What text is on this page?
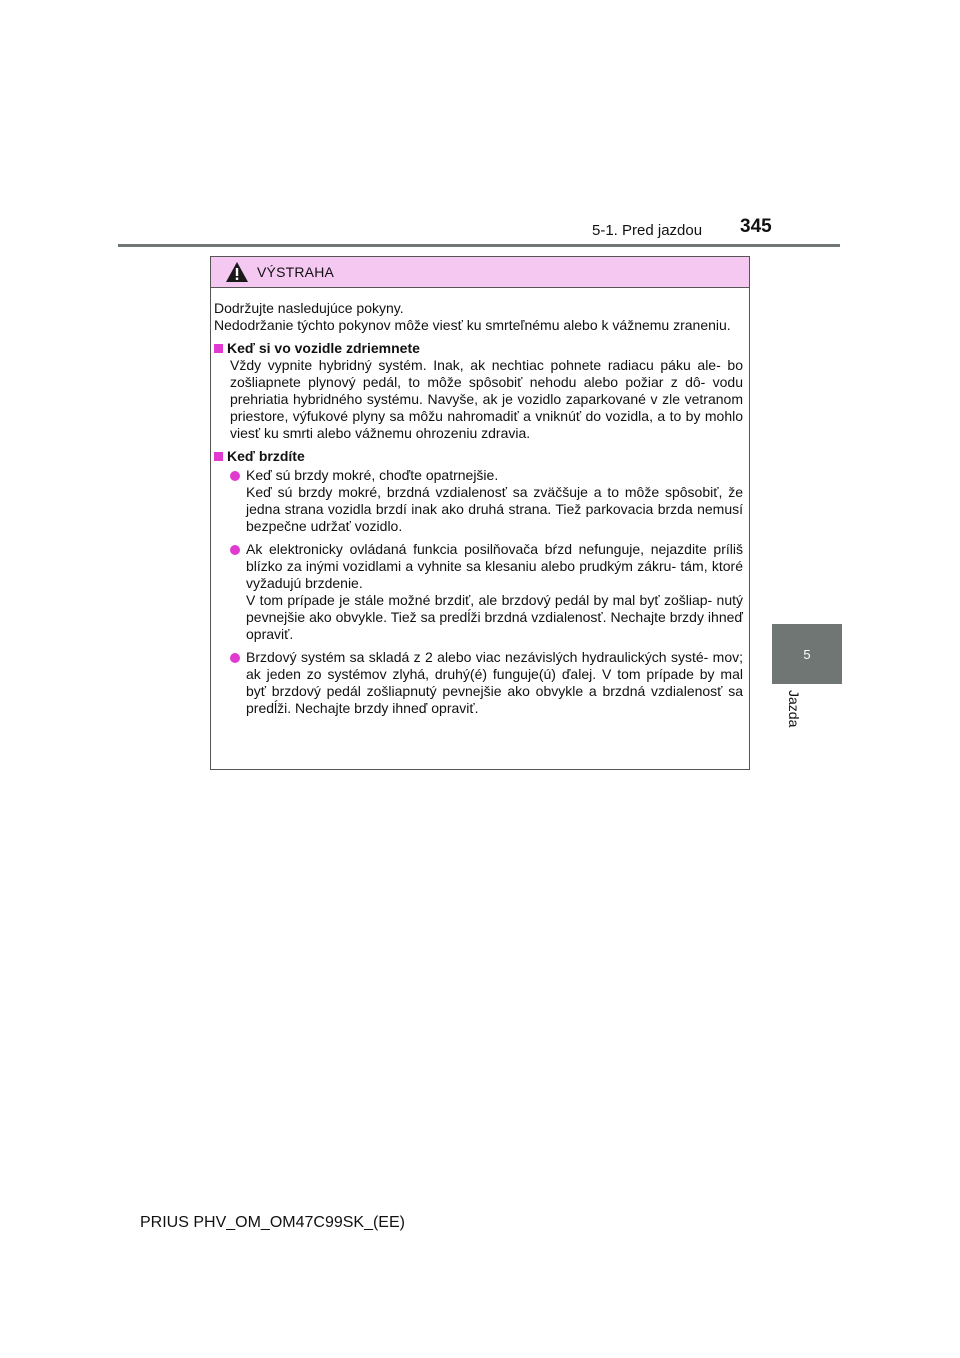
5-1. Pred jazdou 345
5
Jazda
VÝSTRAHA

Dodržujte nasledujúce pokyny.

Nedodržanie týchto pokynov môže viesť ku smrteľnému alebo k vážnemu zraneniu.

Keď si vo vozidle zdriemnete

Vždy vypnite hybridný systém. Inak, ak nechtiac pohnete radiacu páku ale- bo zošliapnete plynový pedál, to môže spôsobiť nehodu alebo požiar z dô- vodu prehriatia hybridného systému. Navyše, ak je vozidlo zaparkované v zle vetranom priestore, výfukové plyny sa môžu nahromadiť a vniknúť do vozidla, a to by mohlo viesť ku smrti alebo vážnemu ohrozeniu zdravia.

Keď brzdíte

Keď sú brzdy mokré, choďte opatrnejšie.

Keď sú brzdy mokré, brzdná vzdialenosť sa zväčšuje a to môže spôsobiť, že jedna strana vozidla brzdí inak ako druhá strana. Tiež parkovacia brzda nemusí bezpečne udržať vozidlo.

Ak elektronicky ovládaná funkcia posilňovača bŕzd nefunguje, nejazdite príliš blízko za inými vozidlami a vyhnite sa klesaniu alebo prudkým zákru- tám, ktoré vyžadujú brzdenie.

V tom prípade je stále možné brzdiť, ale brzdový pedál by mal byť zošliap- nutý pevnejšie ako obvykle. Tiež sa predĺži brzdná vzdialenosť. Nechajte brzdy ihneď opraviť.

Brzdový systém sa skladá z 2 alebo viac nezávislých hydraulických systé- mov; ak jeden zo systémov zlyhá, druhý(é) funguje(ú) ďalej. V tom prípade by mal byť brzdový pedál zošliapnutý pevnejšie ako obvykle a brzdná vzdialenosť sa predĺži. Nechajte brzdy ihneď opraviť.

PRIUS PHV_OM_OM47C99SK_(EE)
